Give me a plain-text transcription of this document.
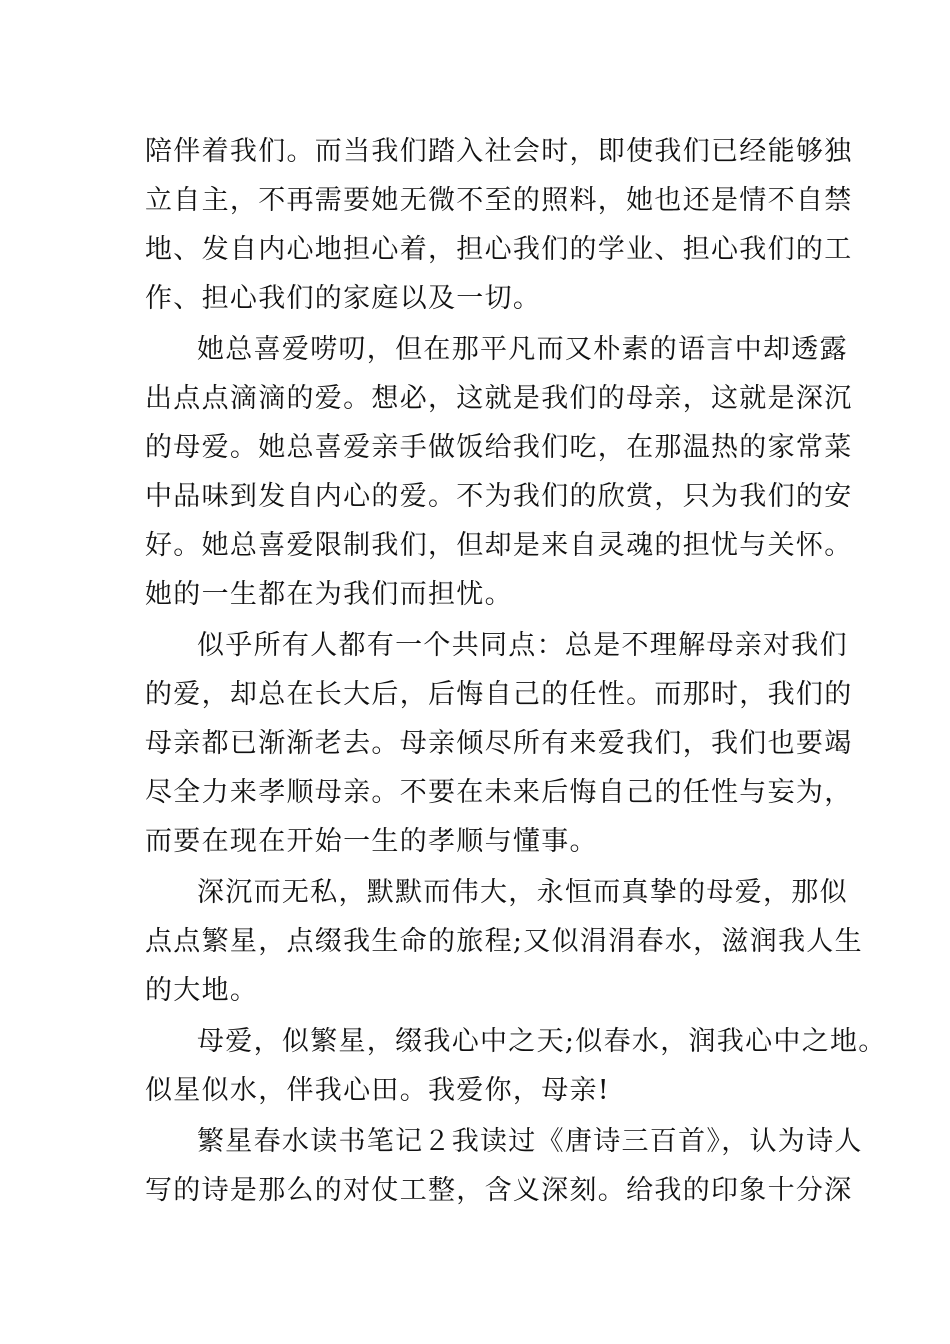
陪伴着我们。而当我们踏入社会时，即使我们已经能够独
立自主，不再需要她无微不至的照料，她也还是情不自禁
地、发自内心地担心着，担心我们的学业、担心我们的工
作、担心我们的家庭以及一切。
她总喜爱唠叨，但在那平凡而又朴素的语言中却透露
出点点滴滴的爱。想必，这就是我们的母亲，这就是深沉
的母爱。她总喜爱亲手做饭给我们吃，在那温热的家常菜
中品味到发自内心的爱。不为我们的欣赏，只为我们的安
好。她总喜爱限制我们，但却是来自灵魂的担忧与关怀。
她的一生都在为我们而担忧。
似乎所有人都有一个共同点：总是不理解母亲对我们
的爱，却总在长大后，后悔自己的任性。而那时，我们的
母亲都已渐渐老去。母亲倾尽所有来爱我们，我们也要竭
尽全力来孝顺母亲。不要在未来后悔自己的任性与妄为，
而要在现在开始一生的孝顺与懂事。
深沉而无私，默默而伟大，永恒而真挚的母爱，那似
点点繁星，点缀我生命的旅程;又似涓涓春水，滋润我人生
的大地。
母爱，似繁星，缀我心中之天;似春水，润我心中之地。
似星似水，伴我心田。我爱你，母亲!
繁星春水读书笔记２我读过《唐诗三百首》，认为诗人
写的诗是那么的对仗工整，含义深刻。给我的印象十分深
